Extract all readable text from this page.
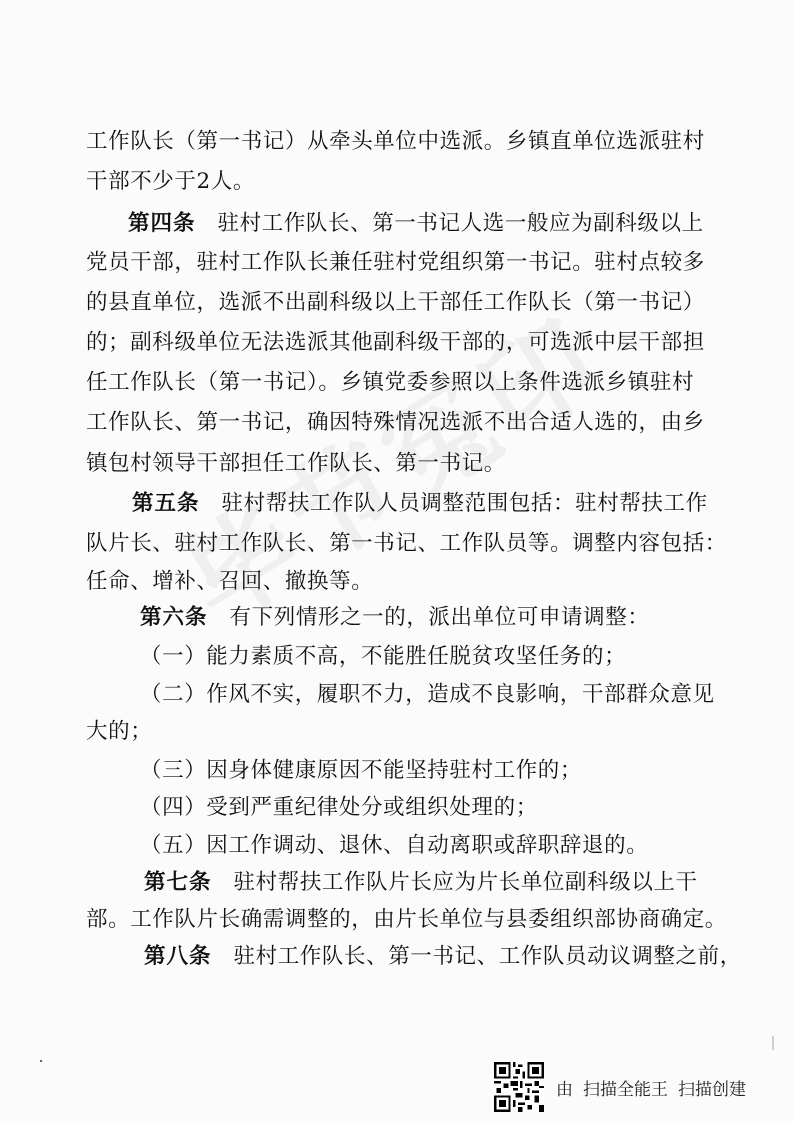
工作队长（第一书记）从牵头单位中选派。乡镇直单位选派驻村
干部不少于2人。
第四条 驻村工作队长、第一书记人选一般应为副科级以上
党员干部，驻村工作队长兼任驻村党组织第一书记。驻村点较多
的县直单位，选派不出副科级以上干部任工作队长（第一书记）
的；副科级单位无法选派其他副科级干部的，可选派中层干部担
任工作队长（第一书记）。乡镇党委参照以上条件选派乡镇驻村
工作队长、第一书记，确因特殊情况选派不出合适人选的，由乡
镇包村领导干部担任工作队长、第一书记。
第五条 驻村帮扶工作队人员调整范围包括：驻村帮扶工作
队片长、驻村工作队长、第一书记、工作队员等。调整内容包括：
任命、增补、召回、撤换等。
第六条 有下列情形之一的，派出单位可申请调整：
（一）能力素质不高，不能胜任脱贫攻坚任务的；
（二）作风不实，履职不力，造成不良影响，干部群众意见
大的；
（三）因身体健康原因不能坚持驻村工作的；
（四）受到严重纪律处分或组织处理的；
（五）因工作调动、退休、自动离职或辞职辞退的。
第七条 驻村帮扶工作队片长应为片长单位副科级以上干
部。工作队片长确需调整的，由片长单位与县委组织部协商确定。
第八条 驻村工作队长、第一书记、工作队员动议调整之前，
由 扫描全能王 扫描创建
